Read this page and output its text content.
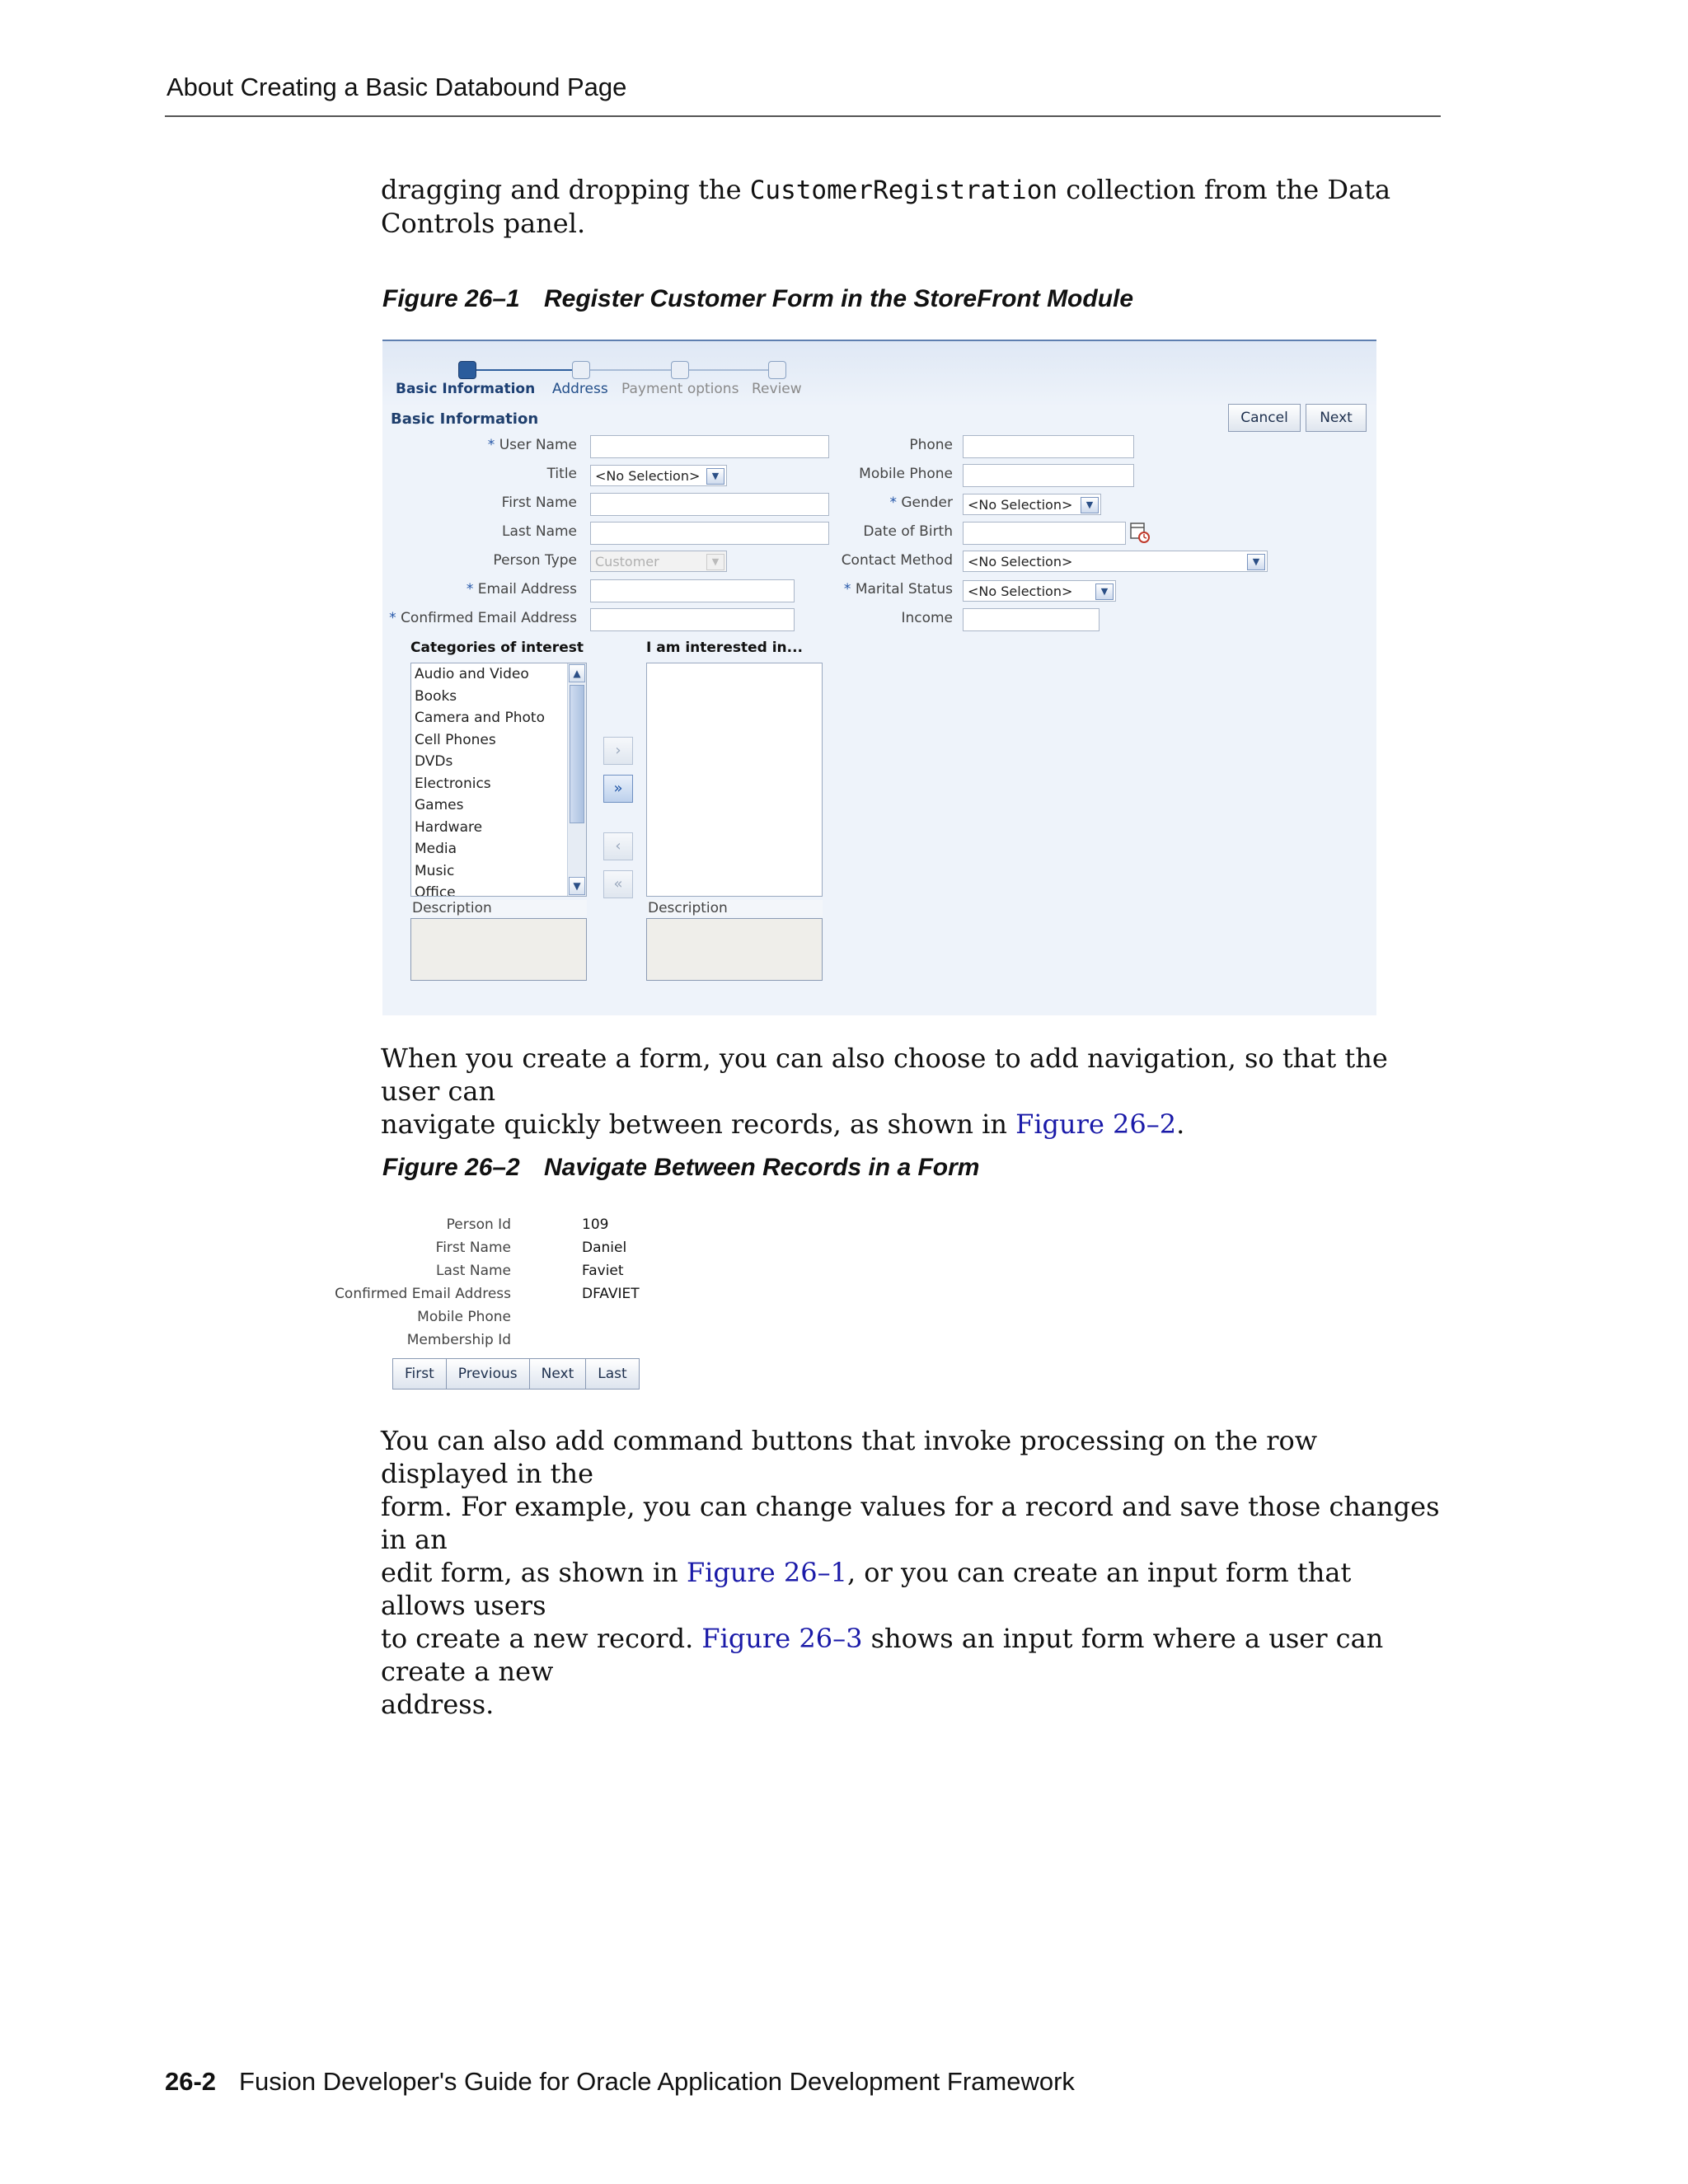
About Creating a Basic Databound Page
dragging and dropping the CustomerRegistration collection from the Data
Controls panel.
Figure 26–1 Register Customer Form in the StoreFront Module
Basic Information Address Payment options Review
Basic Information	Cancel	Next
* User Name
Title	<No Selection>	▼
First Name
Last Name
Person Type	Customer	▼
* Email Address
* Confirmed Email Address
Phone
Mobile Phone
* Gender	<No Selection>	▼
Date of Birth
Contact Method	<No Selection>	▼
* Marital Status	<No Selection>	▼
Income
Categories of interest	I am interested in...
Audio and Video
Books
Camera and Photo
Cell Phones
DVDs
Electronics
Games
Hardware
Media
Music
Office
▲
▼
›
»
‹
«
Description	Description
When you create a form, you can also choose to add navigation, so that the user can
navigate quickly between records, as shown in Figure 26–2.
Figure 26–2 Navigate Between Records in a Form
Person Id	109
First Name	Daniel
Last Name	Faviet
Confirmed Email Address	DFAVIET
Mobile Phone
Membership Id
First	Previous	Next	Last
You can also add command buttons that invoke processing on the row displayed in the
form. For example, you can change values for a record and save those changes in an
edit form, as shown in Figure 26–1, or you can create an input form that allows users
to create a new record. Figure 26–3 shows an input form where a user can create a new
address.
26-2 Fusion Developer's Guide for Oracle Application Development Framework
